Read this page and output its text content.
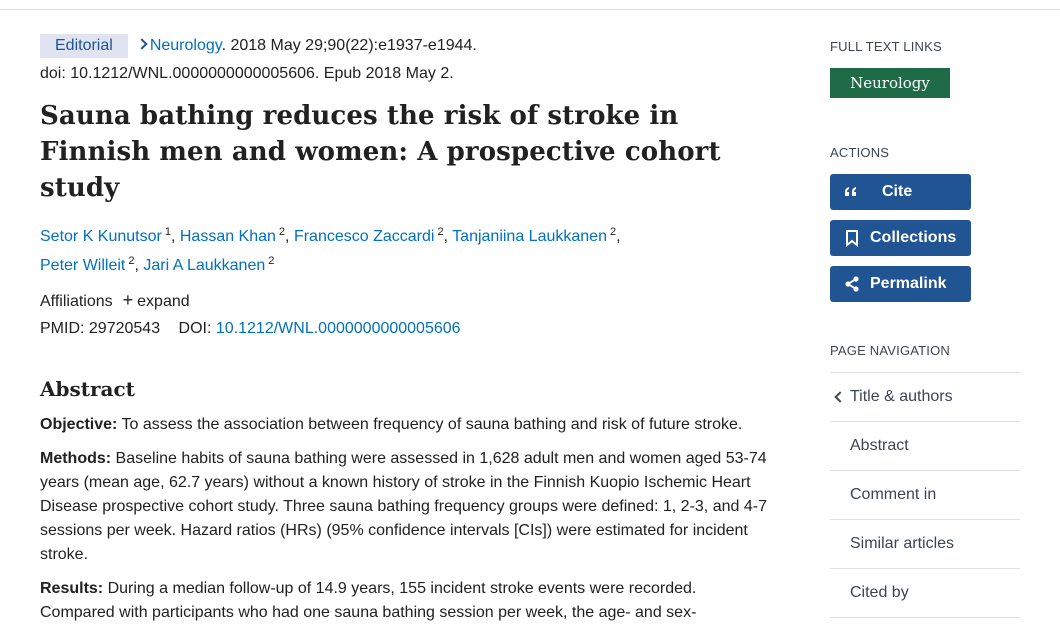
Editorial Neurology. 2018 May 29;90(22):e1937-e1944.
doi: 10.1212/WNL.0000000000005606. Epub 2018 May 2.
Sauna bathing reduces the risk of stroke in Finnish men and women: A prospective cohort study
Setor K Kunutsor $^1$, Hassan Khan $^2$, Francesco Zaccardi $^2$, Tanjaniina Laukkanen $^2$,
Peter Willeit $^2$, Jari A Laukkanen $^2$
Affiliations + expand
PMID: 29720543 DOI: 10.1212/WNL.0000000000005606
Abstract

Objective: To assess the association between frequency of sauna bathing and risk of future stroke.

Methods: Baseline habits of sauna bathing were assessed in 1,628 adult men and women aged 53-74 years (mean age, 62.7 years) without a known history of stroke in the Finnish Kuopio Ischemic Heart Disease prospective cohort study. Three sauna bathing frequency groups were defined: 1, 2-3, and 4-7 sessions per week. Hazard ratios (HRs) (95% confidence intervals [CIs]) were estimated for incident stroke.

Results: During a median follow-up of 14.9 years, 155 incident stroke events were recorded. Compared with participants who had one sauna bathing session per week, the age- and sex-

FULL TEXT LINKS
Neurology
ACTIONS
Cite
Collections
Permalink
PAGE NAVIGATION
Title & authors
Abstract
Comment in
Similar articles
Cited by
